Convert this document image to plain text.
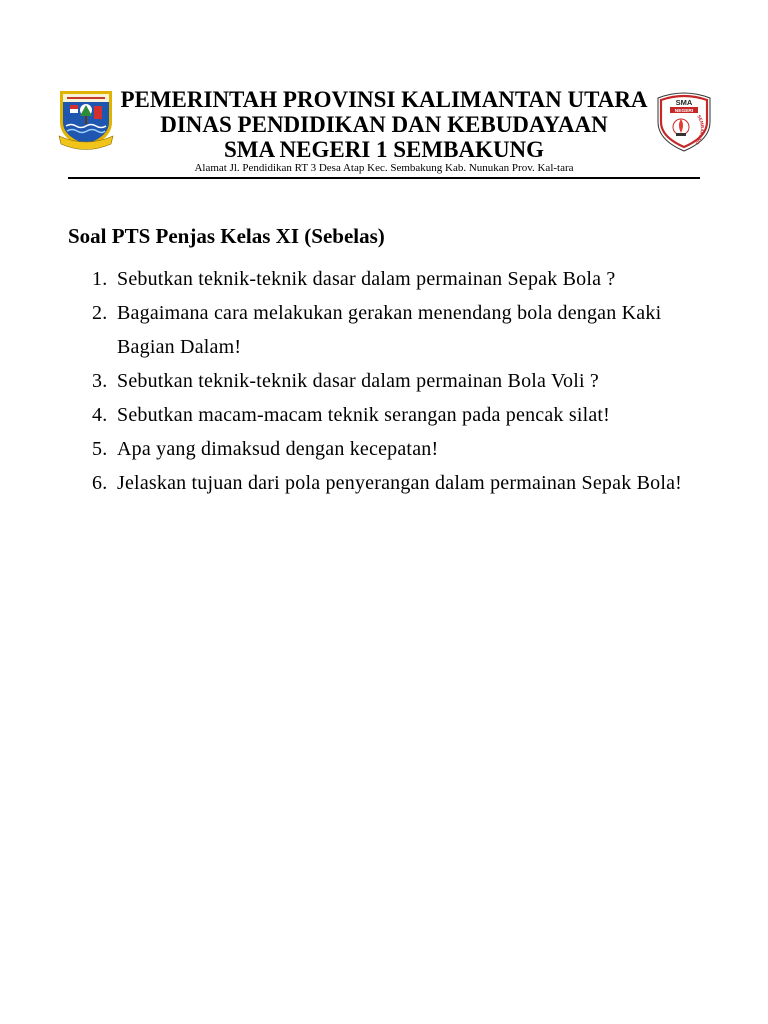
PEMERINTAH PROVINSI KALIMANTAN UTARA
DINAS PENDIDIKAN DAN KEBUDAYAAN
SMA NEGERI 1 SEMBAKUNG
Alamat Jl. Pendidikan RT 3 Desa Atap Kec. Sembakung Kab. Nunukan Prov. Kal-tara
SMA
NEGERI
SEMBAKUNG
Soal PTS Penjas Kelas XI (Sebelas)
1. Sebutkan teknik-teknik dasar dalam permainan Sepak Bola ?
2. Bagaimana cara melakukan gerakan menendang bola dengan Kaki
Bagian Dalam!
3. Sebutkan teknik-teknik dasar dalam permainan Bola Voli ?
4. Sebutkan macam-macam teknik serangan pada pencak silat!
5. Apa yang dimaksud dengan kecepatan!
6. Jelaskan tujuan dari pola penyerangan dalam permainan Sepak Bola!
